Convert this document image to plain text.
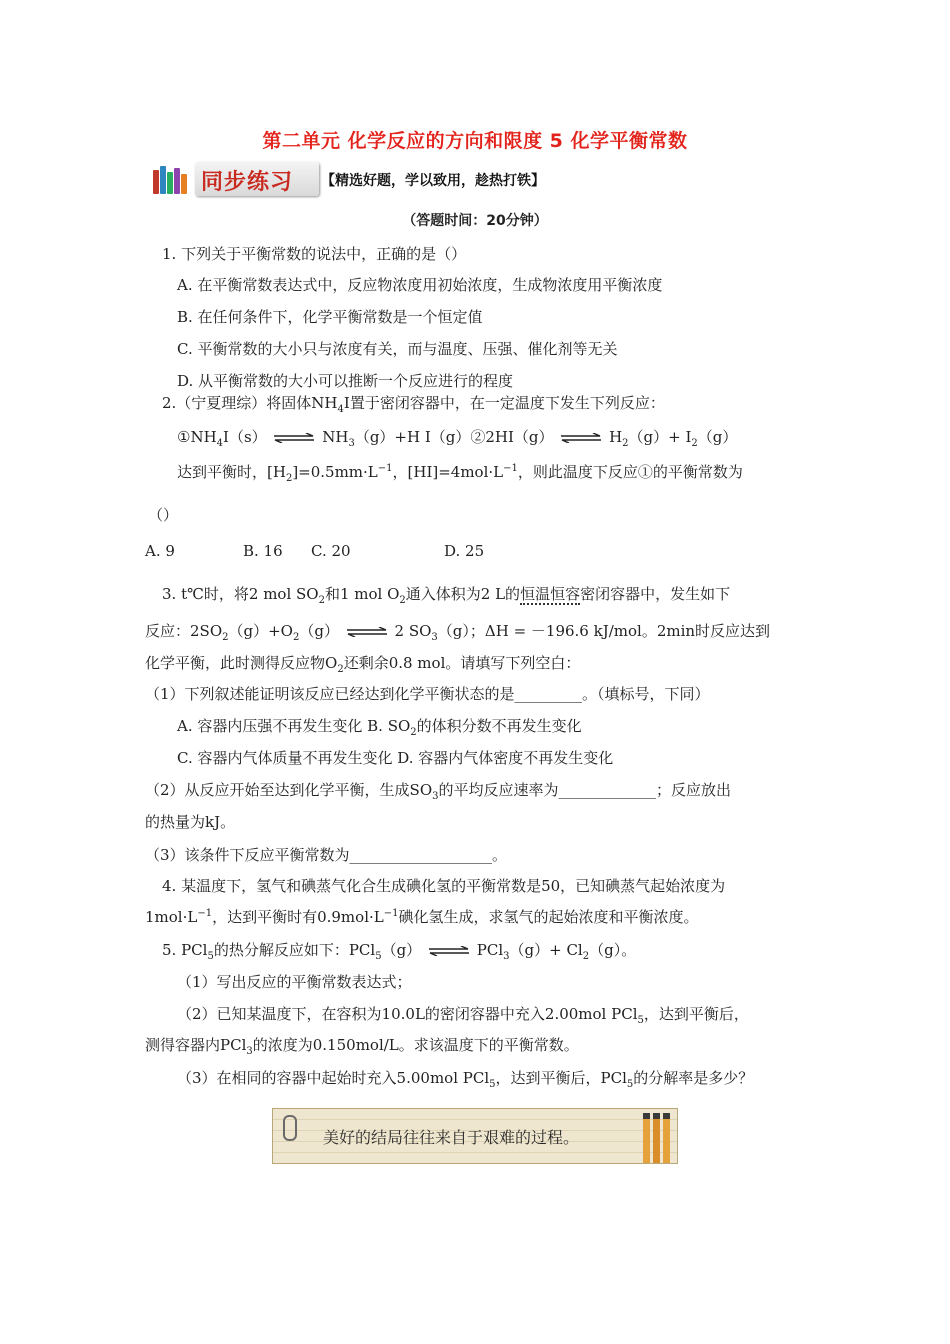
第二单元 化学反应的方向和限度 5 化学平衡常数
同步练习 【精选好题，学以致用，趁热打铁】
（答题时间：20分钟）
1. 下列关于平衡常数的说法中，正确的是（）
A. 在平衡常数表达式中，反应物浓度用初始浓度，生成物浓度用平衡浓度
B. 在任何条件下，化学平衡常数是一个恒定值
C. 平衡常数的大小只与浓度有关，而与温度、压强、催化剂等无关
D. 从平衡常数的大小可以推断一个反应进行的程度
2.（宁夏理综）将固体$NH_4I$置于密闭容器中，在一定温度下发生下列反应：
$①NH_4I(s)$ ⇌ $NH_3(g)+H$ I（g）②2HI（g） ⇌ $H_2(g)+ I_2(g)$
达到平衡时，$[H_2]=0.5mm\cdot L^{-1}$，$[HI]=4mol\cdot L^{-1}$，则此温度下反应①的平衡常数为
（）
A. 9	B. 16 C. 20	D. 25
3. t℃时，将2 mol $SO_2$和1 mol $O_2$通入体积为2 L的恒温恒容密闭容器中，发生如下
反应：$2SO_2(g)+O_2(g)$ ⇌ 2 $SO_3(g)$；ΔH = －196.6 kJ/mol。2min时反应达到
化学平衡，此时测得反应物$O_2$还剩余0.8 mol。请填写下列空白：
（1）下列叙述能证明该反应已经达到化学平衡状态的是_________。（填标号，下同）
A. 容器内压强不再发生变化 B. $SO_2$的体积分数不再发生变化
C. 容器内气体质量不再发生变化 D. 容器内气体密度不再发生变化
（2）从反应开始至达到化学平衡，生成$SO_3$的平均反应速率为_____________；反应放出
的热量为kJ。
（3）该条件下反应平衡常数为___________________。
4. 某温度下，氢气和碘蒸气化合生成碘化氢的平衡常数是50，已知碘蒸气起始浓度为
$1mol\cdot L^{-1}$，达到平衡时有$0.9mol\cdot L^{-1}$碘化氢生成，求氢气的起始浓度和平衡浓度。
5. PCl$_5$的热分解反应如下：PCl$_5$（g） ⇌ $PCl_3(g)+ Cl_2(g)$。
（1）写出反应的平衡常数表达式；
（2）已知某温度下，在容积为10.0L的密闭容器中充入2.00mol PCl$_5$，达到平衡后，
测得容器内PCl$_3$的浓度为0.150mol/L。求该温度下的平衡常数。
（3）在相同的容器中起始时充入5.00mol PCl$_5$，达到平衡后，PCl$_5$的分解率是多少？
美好的结局往往来自于艰难的过程。
